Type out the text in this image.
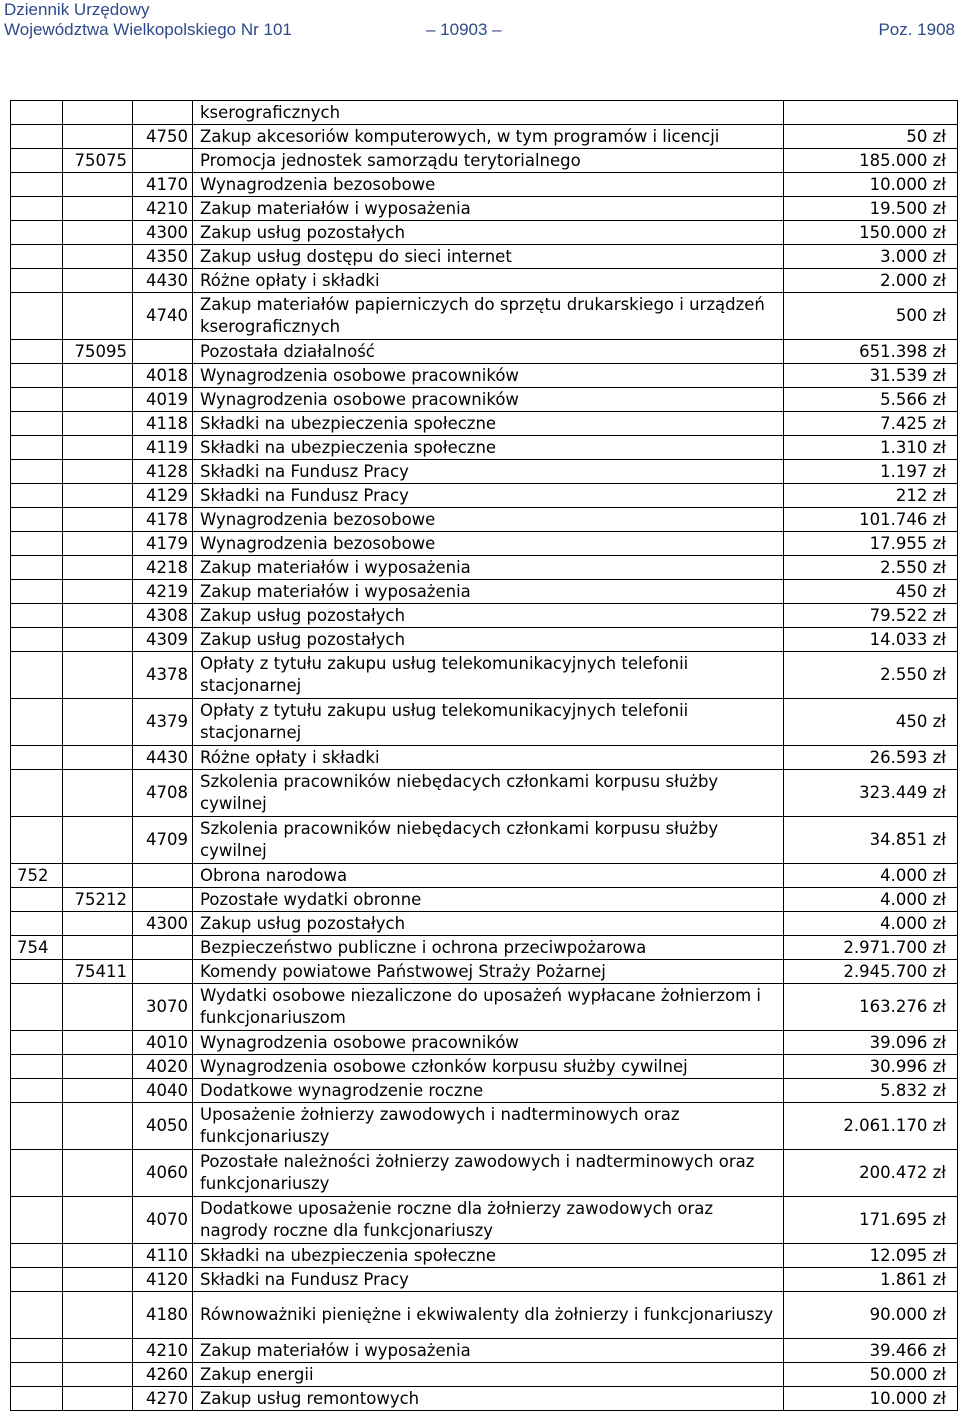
Dziennik Urzędowy
Województwa Wielkopolskiego Nr 101	– 10903 –	Poz. 1908
			kserograficznych	
		4750	Zakup akcesoriów komputerowych, w tym programów i licencji	50 zł
	75075		Promocja jednostek samorządu terytorialnego	185.000 zł
		4170	Wynagrodzenia bezosobowe	10.000 zł
		4210	Zakup materiałów i wyposażenia	19.500 zł
		4300	Zakup usług pozostałych	150.000 zł
		4350	Zakup usług dostępu do sieci internet	3.000 zł
		4430	Różne opłaty i składki	2.000 zł
		4740	Zakup materiałów papierniczych do sprzętu drukarskiego i urządzeń kserograficznych	500 zł
	75095		Pozostała działalność	651.398 zł
		4018	Wynagrodzenia osobowe pracowników	31.539 zł
		4019	Wynagrodzenia osobowe pracowników	5.566 zł
		4118	Składki na ubezpieczenia społeczne	7.425 zł
		4119	Składki na ubezpieczenia społeczne	1.310 zł
		4128	Składki na Fundusz Pracy	1.197 zł
		4129	Składki na Fundusz Pracy	212 zł
		4178	Wynagrodzenia bezosobowe	101.746 zł
		4179	Wynagrodzenia bezosobowe	17.955 zł
		4218	Zakup materiałów i wyposażenia	2.550 zł
		4219	Zakup materiałów i wyposażenia	450 zł
		4308	Zakup usług pozostałych	79.522 zł
		4309	Zakup usług pozostałych	14.033 zł
		4378	Opłaty z tytułu zakupu usług telekomunikacyjnych telefonii stacjonarnej	2.550 zł
		4379	Opłaty z tytułu zakupu usług telekomunikacyjnych telefonii stacjonarnej	450 zł
		4430	Różne opłaty i składki	26.593 zł
		4708	Szkolenia pracowników niebędacych członkami korpusu służby cywilnej	323.449 zł
		4709	Szkolenia pracowników niebędacych członkami korpusu służby cywilnej	34.851 zł
752			Obrona narodowa	4.000 zł
	75212		Pozostałe wydatki obronne	4.000 zł
		4300	Zakup usług pozostałych	4.000 zł
754			Bezpieczeństwo publiczne i ochrona przeciwpożarowa	2.971.700 zł
	75411		Komendy powiatowe Państwowej Straży Pożarnej	2.945.700 zł
		3070	Wydatki osobowe niezaliczone do uposażeń wypłacane żołnierzom i funkcjonariuszom	163.276 zł
		4010	Wynagrodzenia osobowe pracowników	39.096 zł
		4020	Wynagrodzenia osobowe członków korpusu służby cywilnej	30.996 zł
		4040	Dodatkowe wynagrodzenie roczne	5.832 zł
		4050	Uposażenie żołnierzy zawodowych i nadterminowych oraz funkcjonariuszy	2.061.170 zł
		4060	Pozostałe należności żołnierzy zawodowych i nadterminowych oraz funkcjonariuszy	200.472 zł
		4070	Dodatkowe uposażenie roczne dla żołnierzy zawodowych oraz nagrody roczne dla funkcjonariuszy	171.695 zł
		4110	Składki na ubezpieczenia społeczne	12.095 zł
		4120	Składki na Fundusz Pracy	1.861 zł
		4180	Równoważniki pieniężne i ekwiwalenty dla żołnierzy i funkcjonariuszy	90.000 zł
		4210	Zakup materiałów i wyposażenia	39.466 zł
		4260	Zakup energii	50.000 zł
		4270	Zakup usług remontowych	10.000 zł
